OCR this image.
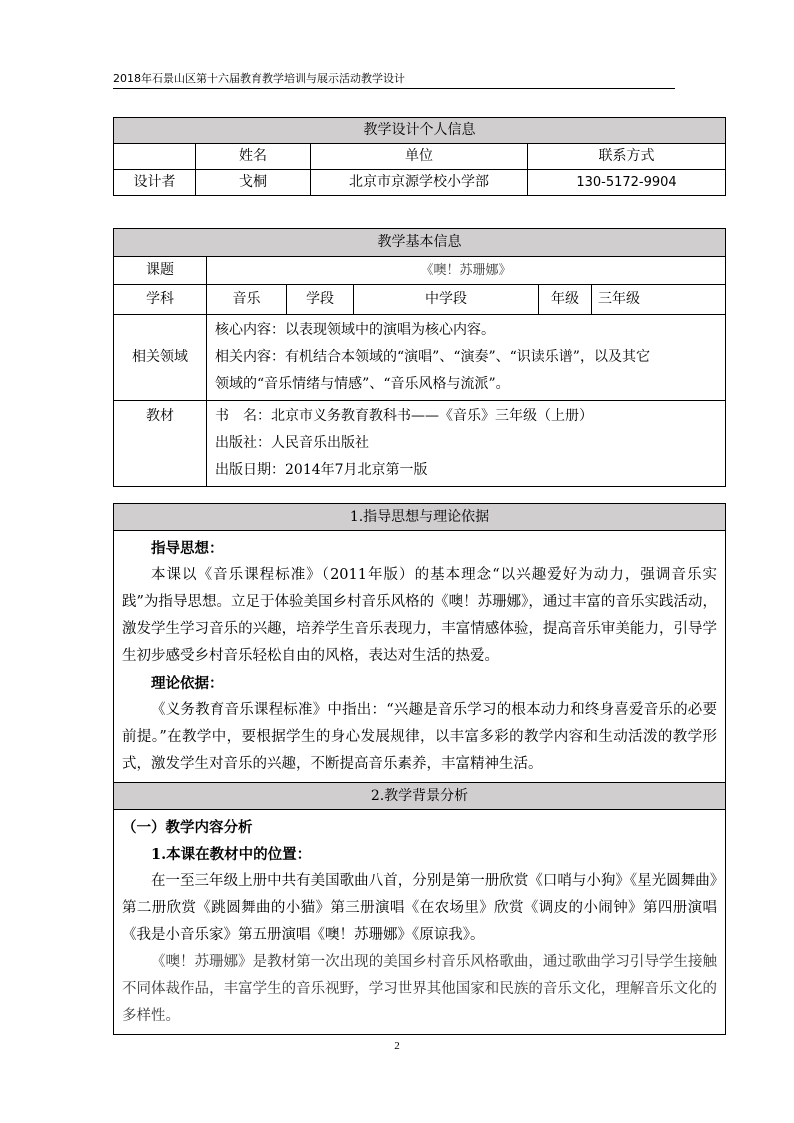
2018年石景山区第十六届教育教学培训与展示活动教学设计
教学设计个人信息			
	姓名	单位	联系方式
设计者	戈桐	北京市京源学校小学部	130-5172-9904
教学基本信息					
课题	《噢！苏珊娜》				
学科	音乐	学段	中学段	年级	三年级
相关领域	核心内容：以表现领域中的演唱为核心内容。
相关内容：有机结合本领域的“演唱”、“演奏”、“识读乐谱”，以及其它
领域的“音乐情绪与情感”、“音乐风格与流派”。				

教材	书　名：北京市义务教育教科书——《音乐》三年级（上册）
出版社：人民音乐出版社
出版日期：2014年7月北京第一版				
1.指导思想与理论依据

指导思想：

本课以《音乐课程标准》（2011年版）的基本理念“以兴趣爱好为动力，强调音乐实践”为指导思想。立足于体验美国乡村音乐风格的《噢！苏珊娜》，通过丰富的音乐实践活动，激发学生学习音乐的兴趣，培养学生音乐表现力，丰富情感体验，提高音乐审美能力，引导学生初步感受乡村音乐轻松自由的风格，表达对生活的热爱。

理论依据：

《义务教育音乐课程标准》中指出：“兴趣是音乐学习的根本动力和终身喜爱音乐的必要前提。”在教学中，要根据学生的身心发展规律，以丰富多彩的教学内容和生动活泼的教学形式，激发学生对音乐的兴趣，不断提高音乐素养，丰富精神生活。

2.教学背景分析

（一）教学内容分析

1.本课在教材中的位置：

在一至三年级上册中共有美国歌曲八首，分别是第一册欣赏《口哨与小狗》《星光圆舞曲》第二册欣赏《跳圆舞曲的小猫》第三册演唱《在农场里》欣赏《调皮的小闹钟》第四册演唱《我是小音乐家》第五册演唱《噢！苏珊娜》《原谅我》。

《噢！苏珊娜》是教材第一次出现的美国乡村音乐风格歌曲，通过歌曲学习引导学生接触不同体裁作品，丰富学生的音乐视野，学习世界其他国家和民族的音乐文化，理解音乐文化的多样性。

2
